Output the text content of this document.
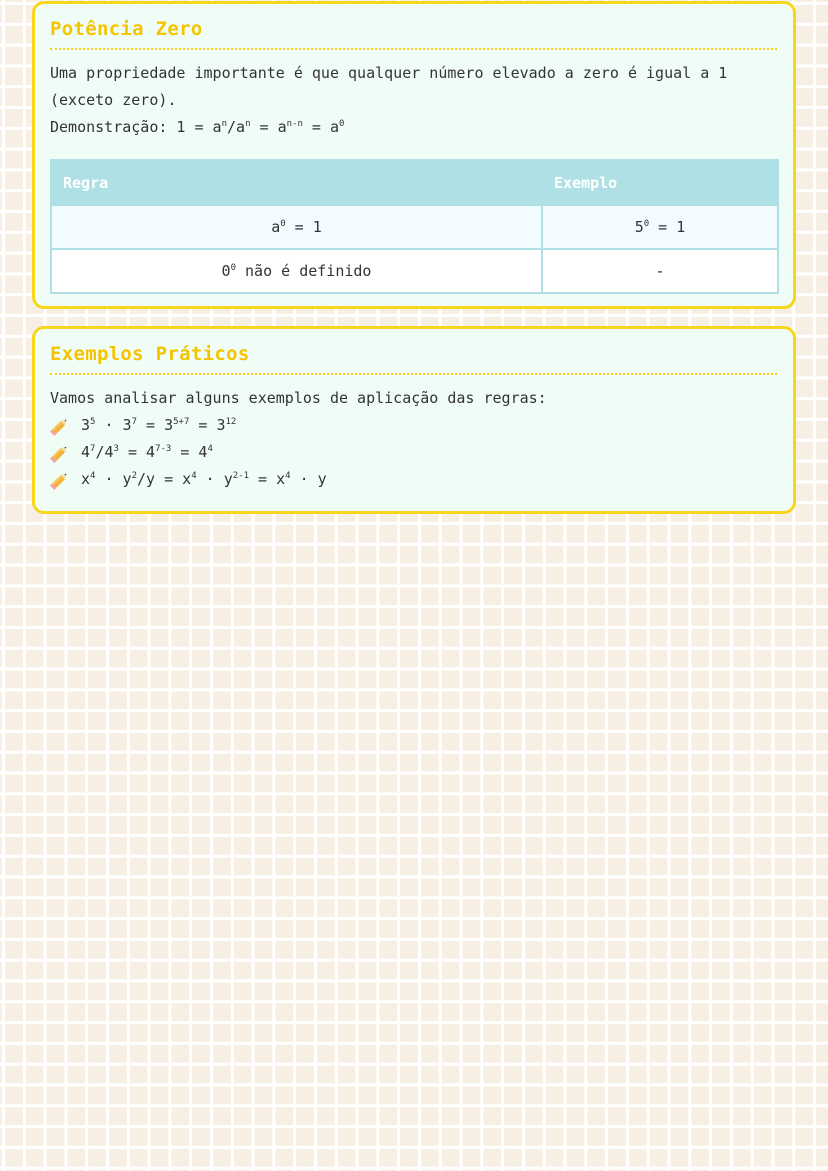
Potência Zero

Uma propriedade importante é que qualquer número elevado a zero é igual a 1 (exceto zero).

Demonstração: $1 = a^n/a^n = a^{n-n} = a^0$

Regra	Exemplo
$a^0 = 1$	$5^0 = 1$
$0^0$ não é definido	-
Exemplos Práticos

Vamos analisar alguns exemplos de aplicação das regras:

$3^5 \cdot 3^7 = 3^{5+7} = 3^{12}$
$4^7/4^3 = 4^{7-3} = 4^4$
$x^4 \cdot y^2/y = x^4 \cdot y^{2-1} = x^4 \cdot y$
